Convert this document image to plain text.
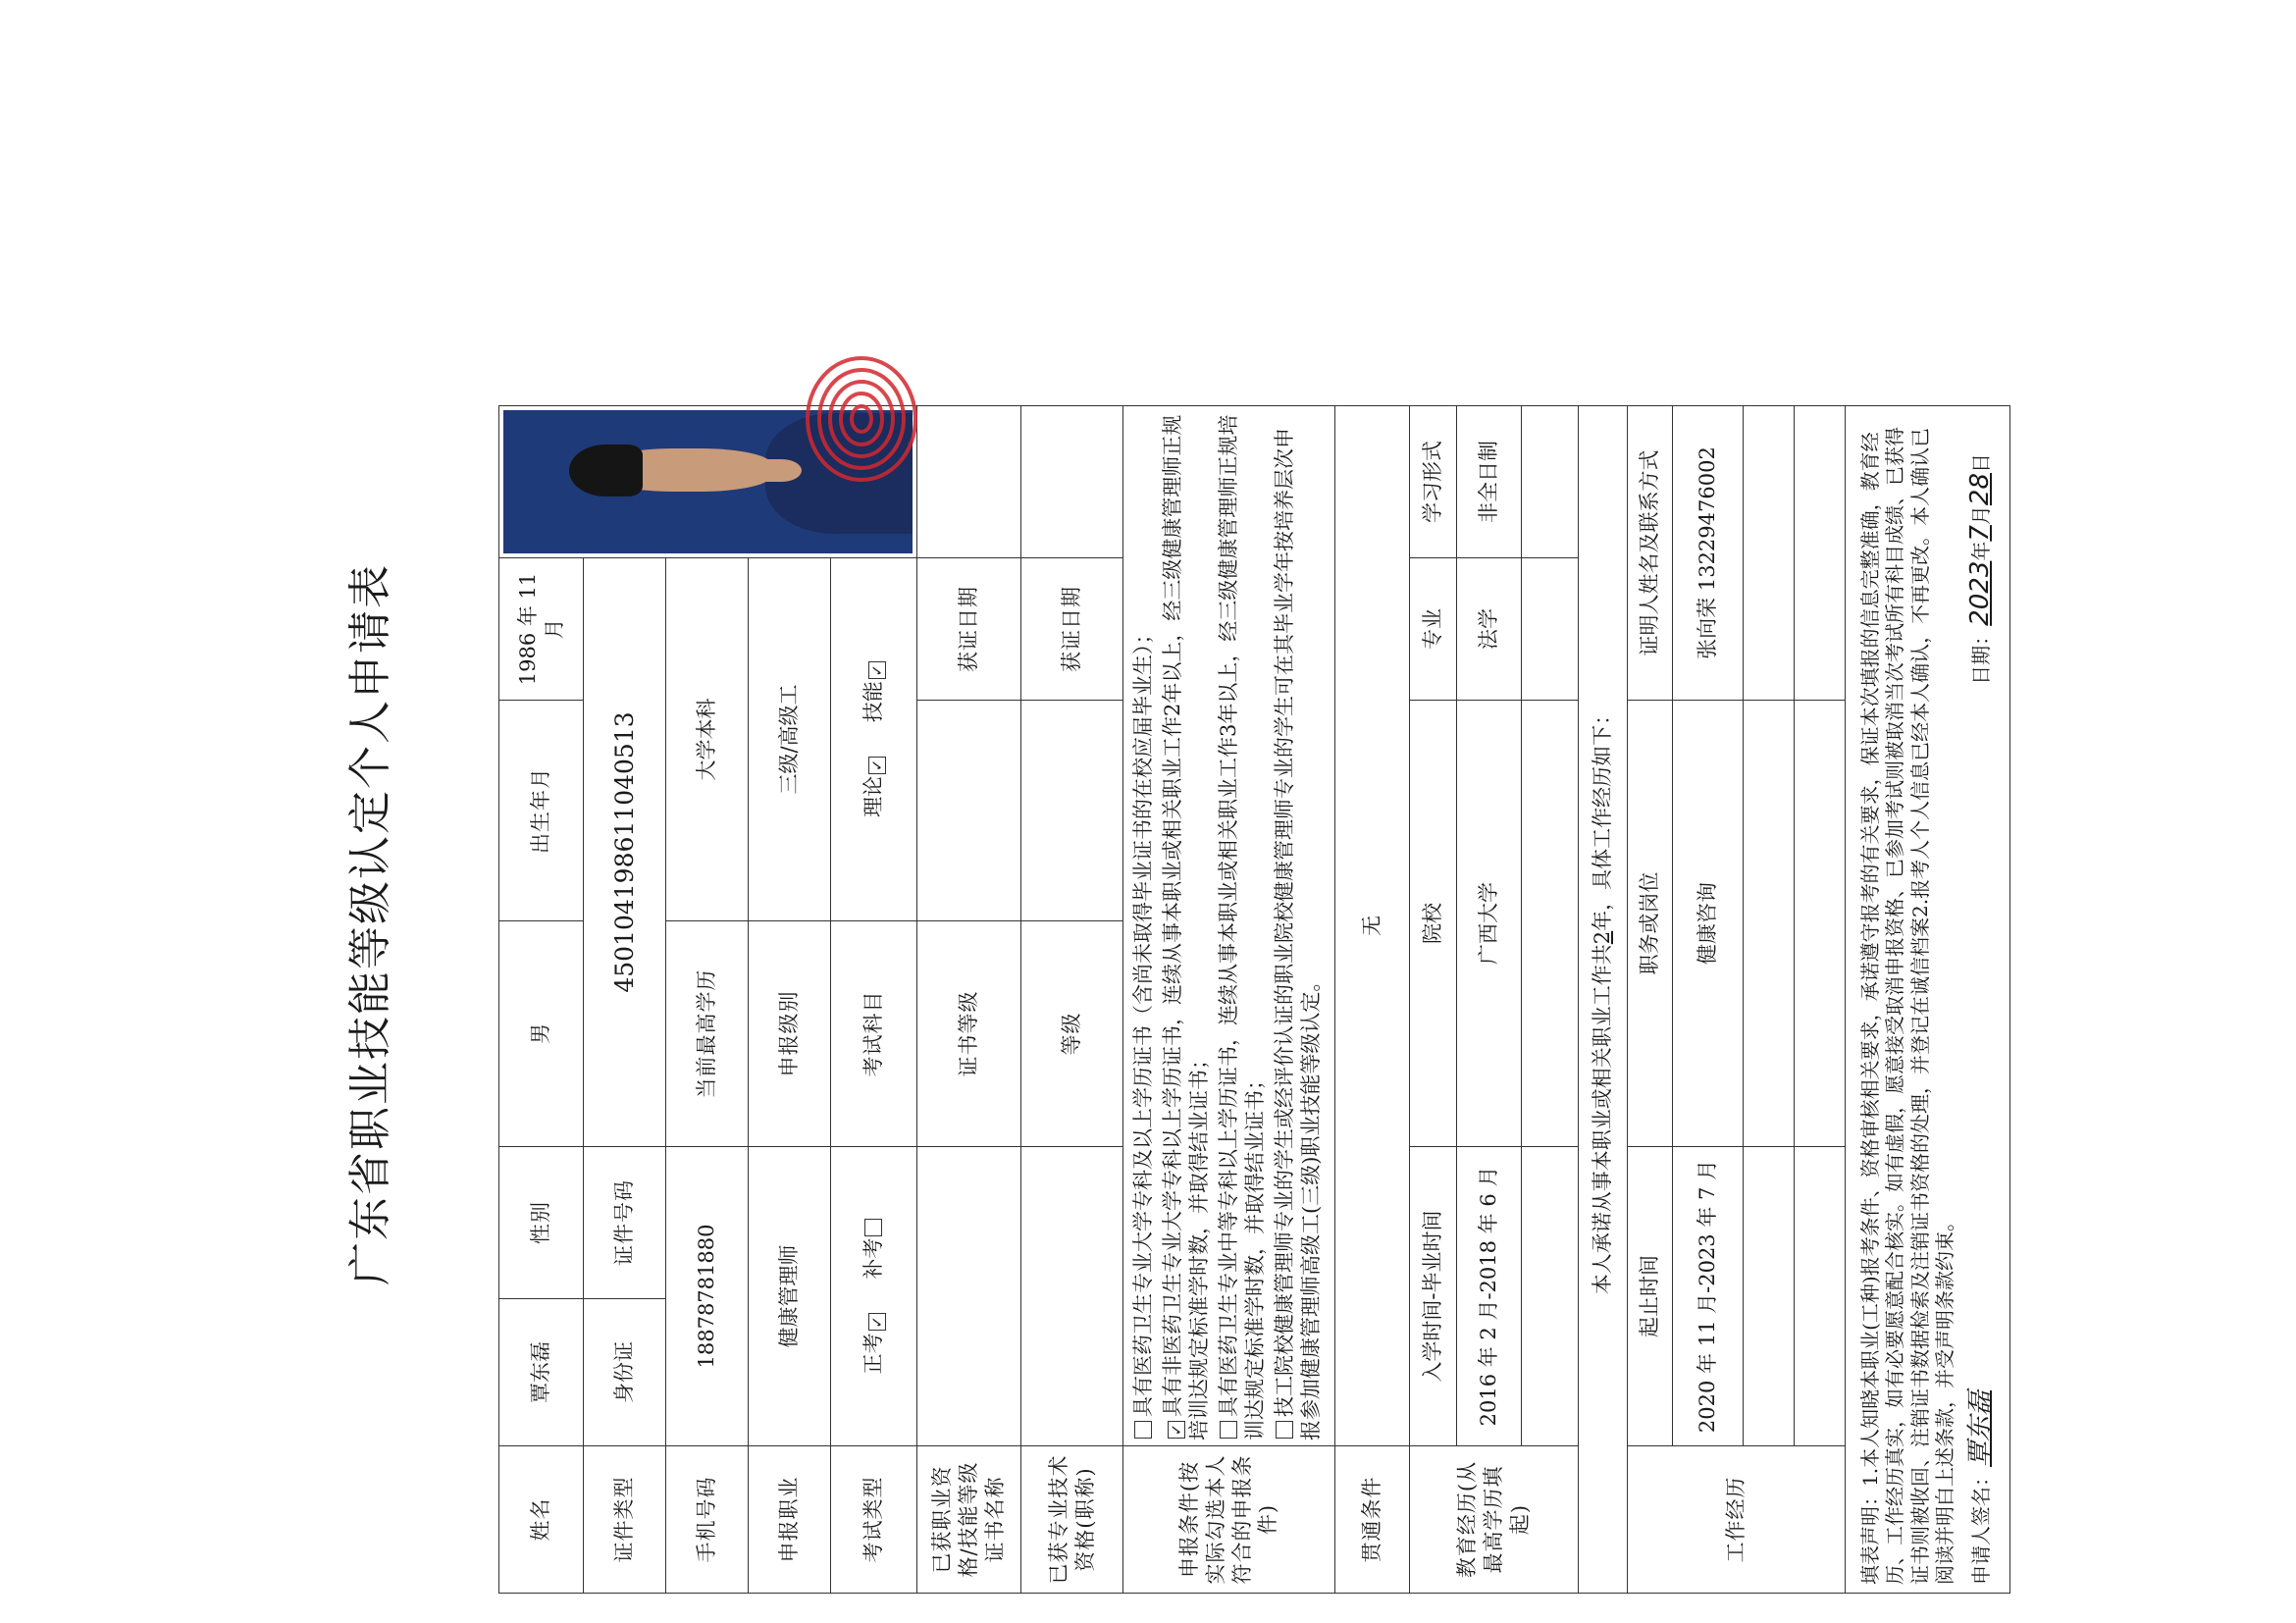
广东省职业技能等级认定个人申请表
姓名	覃东磊	性别	男	出生年月	1986 年 11 月	

证件类型	身份证	证件号码	450104198611040513			
手机号码	18878781880		当前最高学历	大学本科		
申报职业	健康管理师		申报级别	三级/高级工		
考试类型	正考✓ 补考		考试科目	理论✓ 技能✓
已获职业资格/技能等级证书名称			证书等级		获证日期	
已获专业技术资格(职称)			等级		获证日期	
申报条件(按实际勾选本人符合的申报条件)	具有医药卫生专业大学专科及以上学历证书（含尚未取得毕业证书的在校应届毕业生）；
✓ 具有非医药卫生专业大学专科以上学历证书，连续从事本职业或相关职业工作2年以上，经三级健康管理师正规培训达规定标准学时数，并取得结业证书； 具有医药卫生专业中等专科以上学历证书，连续从事本职业或相关职业工作3年以上，经三级健康管理师正规培训达规定标准学时数，并取得结业证书； 技工院校健康管理师专业的学生或经评价认证的职业院校健康管理师专业的学生可在其毕业学年按培养层次申报参加健康管理师高级工(三级)职业技能等级认定。

贯通条件	无					
教育经历(从最高学历填起)	入学时间-毕业时间		院校		专业	学习形式
	2016 年 2 月-2018 年 6 月		广西大学		法学	非全日制

本人承诺从事本职业或相关职业工作共2年，具体工作经历如下：						
工作经历	起止时间		职务或岗位		证明人姓名及联系方式	
	2020 年 11 月-2023 年 7 月		健康咨询		张向荣 13229476002	

填表声明：1.本人知晓本职业(工种)报考条件、资格审核相关要求，承诺遵守报考的有关要求，保证本次填报的信息完整准确，教育经历、工作经历真实，如有必要愿意配合核实。如有虚假，愿意接受取消申报资格、已参加考试则被取消当次考试所有科目成绩、已获得证书则被收回、注销证书数据检索及注销证书资格的处理，并登记在诚信档案2.报考人个人信息已经本人确认，不再更改。本人确认已阅读并明白上述条款，并受声明条款约束。 申请人签名：覃东磊
日期：2023年7月28日						
